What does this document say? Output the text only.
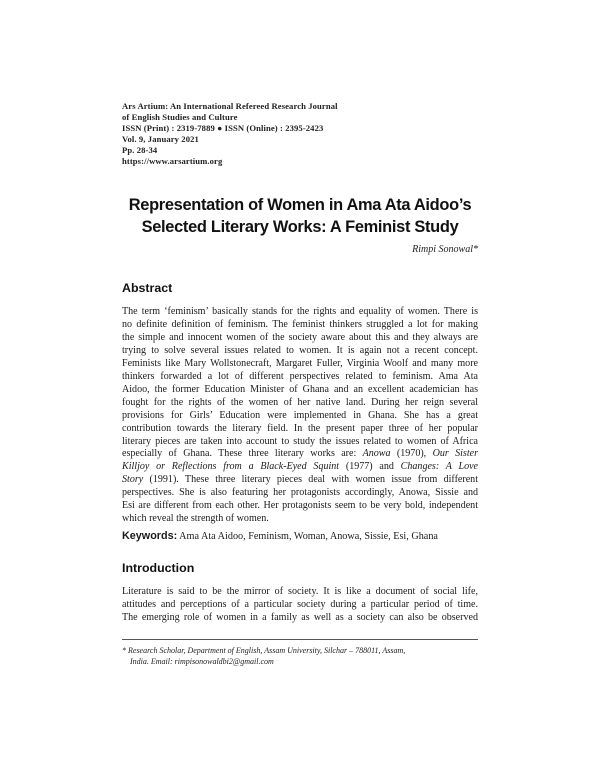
Ars Artium: An International Refereed Research Journal
of English Studies and Culture
ISSN (Print) : 2319-7889 ● ISSN (Online) : 2395-2423
Vol. 9, January 2021
Pp. 28-34
https://www.arsartium.org
Representation of Women in Ama Ata Aidoo’s
Selected Literary Works: A Feminist Study
Rimpi Sonowal*
Abstract
The term ‘feminism’ basically stands for the rights and equality of women. There is
no definite definition of feminism. The feminist thinkers struggled a lot for making
the simple and innocent women of the society aware about this and they always are
trying to solve several issues related to women. It is again not a recent concept.
Feminists like Mary Wollstonecraft, Margaret Fuller, Virginia Woolf and many more
thinkers forwarded a lot of different perspectives related to feminism. Ama Ata
Aidoo, the former Education Minister of Ghana and an excellent academician has
fought for the rights of the women of her native land. During her reign several
provisions for Girls’ Education were implemented in Ghana. She has a great
contribution towards the literary field. In the present paper three of her popular
literary pieces are taken into account to study the issues related to women of Africa
especially of Ghana. These three literary works are: Anowa (1970), Our Sister
Killjoy or Reflections from a Black-Eyed Squint (1977) and Changes: A Love
Story (1991). These three literary pieces deal with women issue from different
perspectives. She is also featuring her protagonists accordingly, Anowa, Sissie and
Esi are different from each other. Her protagonists seem to be very bold, independent
which reveal the strength of women.
Keywords: Ama Ata Aidoo, Feminism, Woman, Anowa, Sissie, Esi, Ghana
Introduction
Literature is said to be the mirror of society. It is like a document of social life,
attitudes and perceptions of a particular society during a particular period of time.
The emerging role of women in a family as well as a society can also be observed
* Research Scholar, Department of English, Assam University, Silchar – 788011, Assam,
India. Email: rimpisonowaldbi2@gmail.com
